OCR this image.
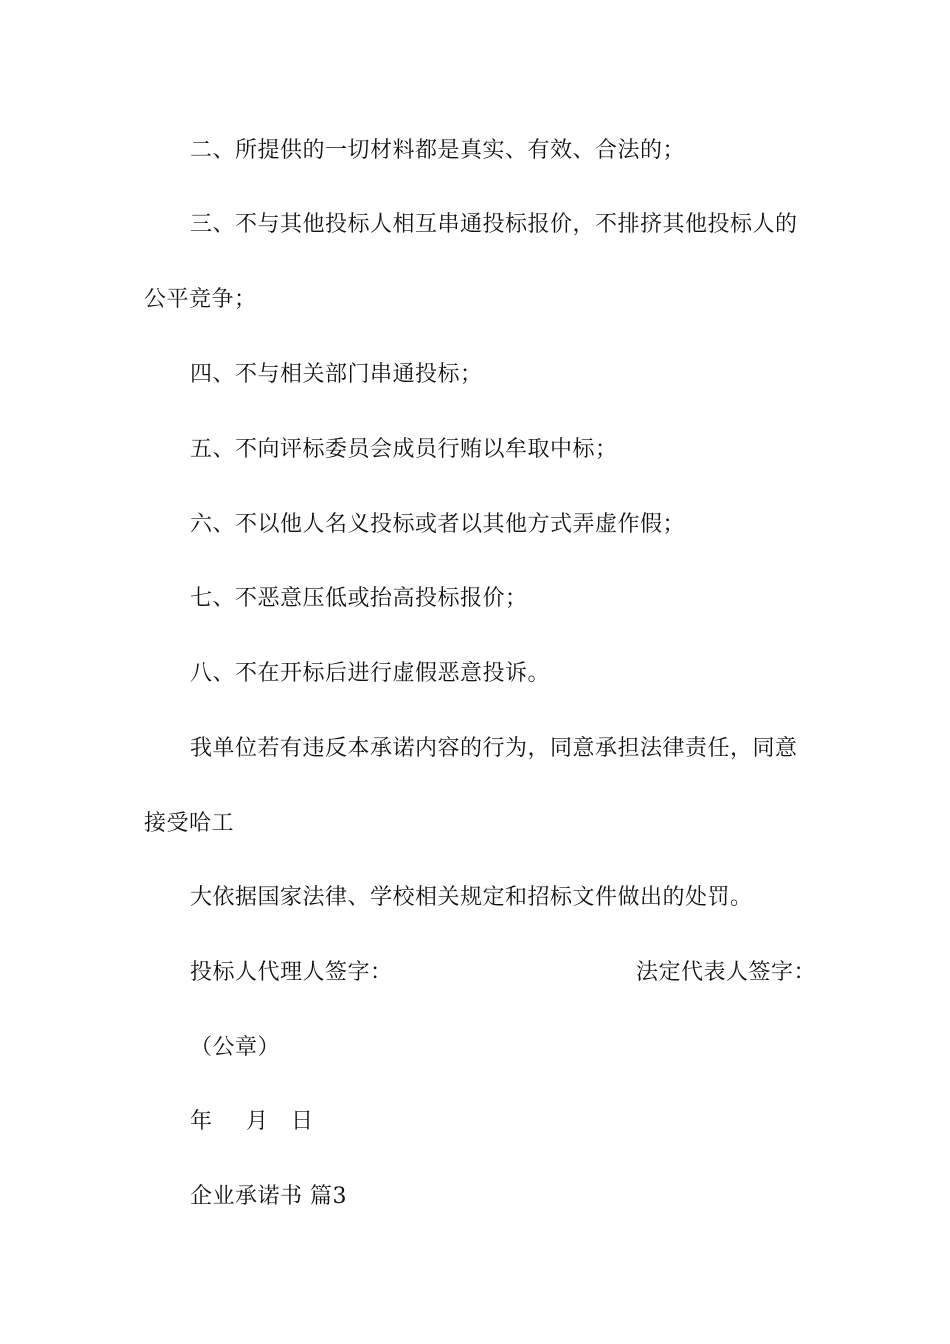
二、所提供的一切材料都是真实、有效、合法的；
三、不与其他投标人相互串通投标报价，不排挤其他投标人的
公平竞争；
四、不与相关部门串通投标；
五、不向评标委员会成员行贿以牟取中标；
六、不以他人名义投标或者以其他方式弄虚作假；
七、不恶意压低或抬高投标报价；
八、不在开标后进行虚假恶意投诉。
我单位若有违反本承诺内容的行为，同意承担法律责任，同意
接受哈工
大依据国家法律、学校相关规定和招标文件做出的处罚。
投标人代理人签字：	法定代表人签字：
（公章）
年 月 日
企业承诺书 篇3
